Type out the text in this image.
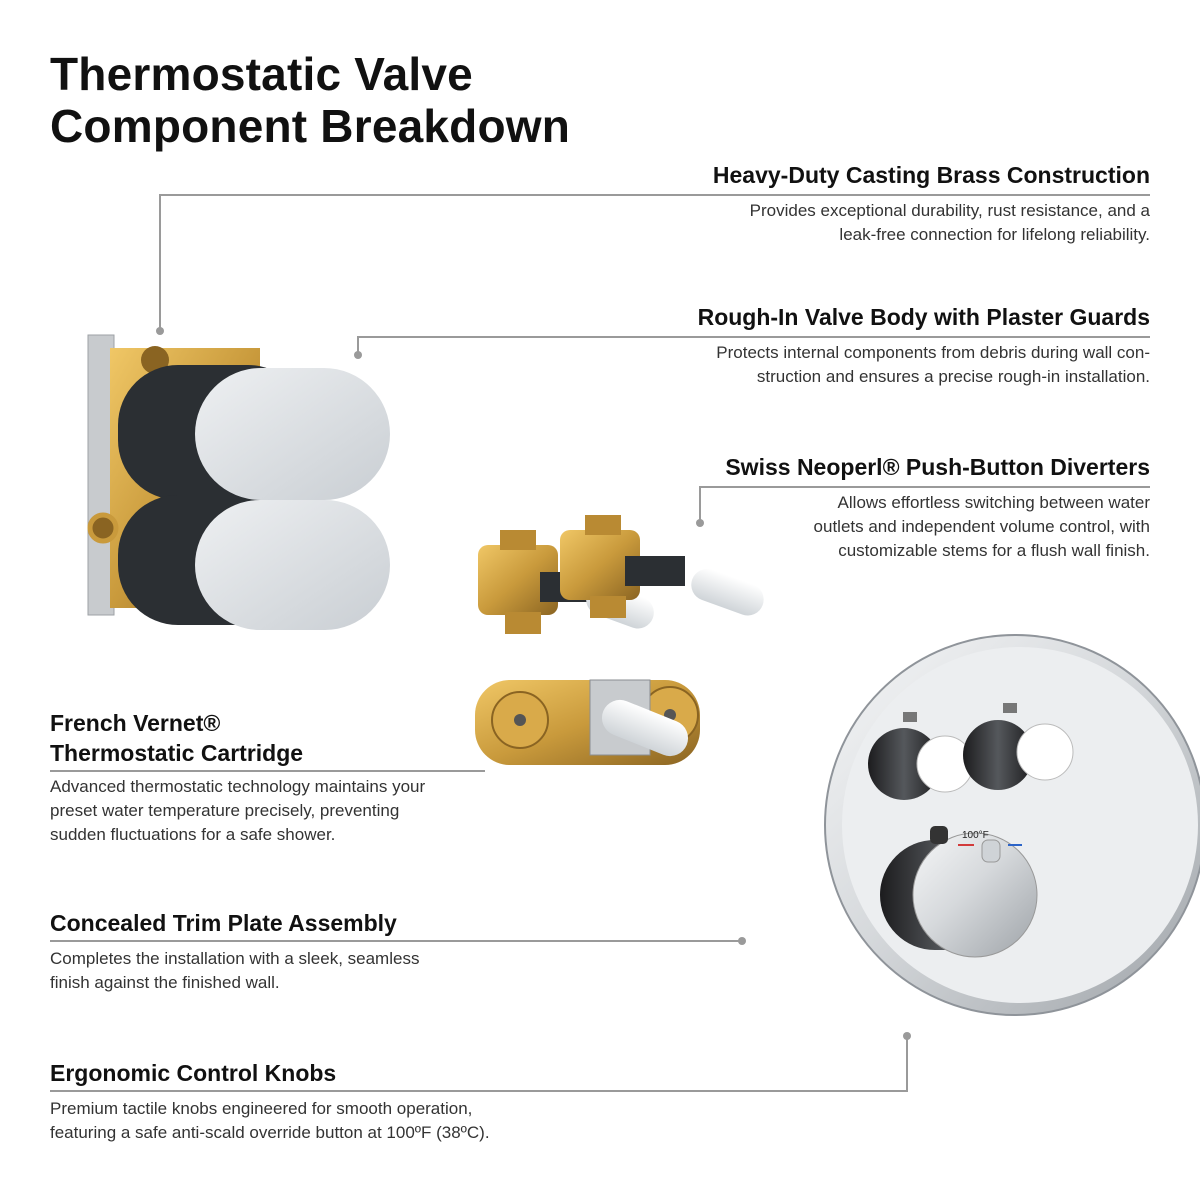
Thermostatic Valve
Component Breakdown
100°F
Heavy-Duty Casting Brass Construction
Provides exceptional durability, rust resistance, and a
leak-free connection for lifelong reliability.
Rough-In Valve Body with Plaster Guards
Protects internal components from debris during wall con-
struction and ensures a precise rough-in installation.
Swiss Neoperl® Push-Button Diverters
Allows effortless switching between water
outlets and independent volume control, with
customizable stems for a flush wall finish.
French Vernet®
Thermostatic Cartridge
Advanced thermostatic technology maintains your
preset water temperature precisely, preventing
sudden fluctuations for a safe shower.
Concealed Trim Plate Assembly
Completes the installation with a sleek, seamless
finish against the finished wall.
Ergonomic Control Knobs
Premium tactile knobs engineered for smooth operation,
featuring a safe anti-scald override button at 100ºF (38ºC).
